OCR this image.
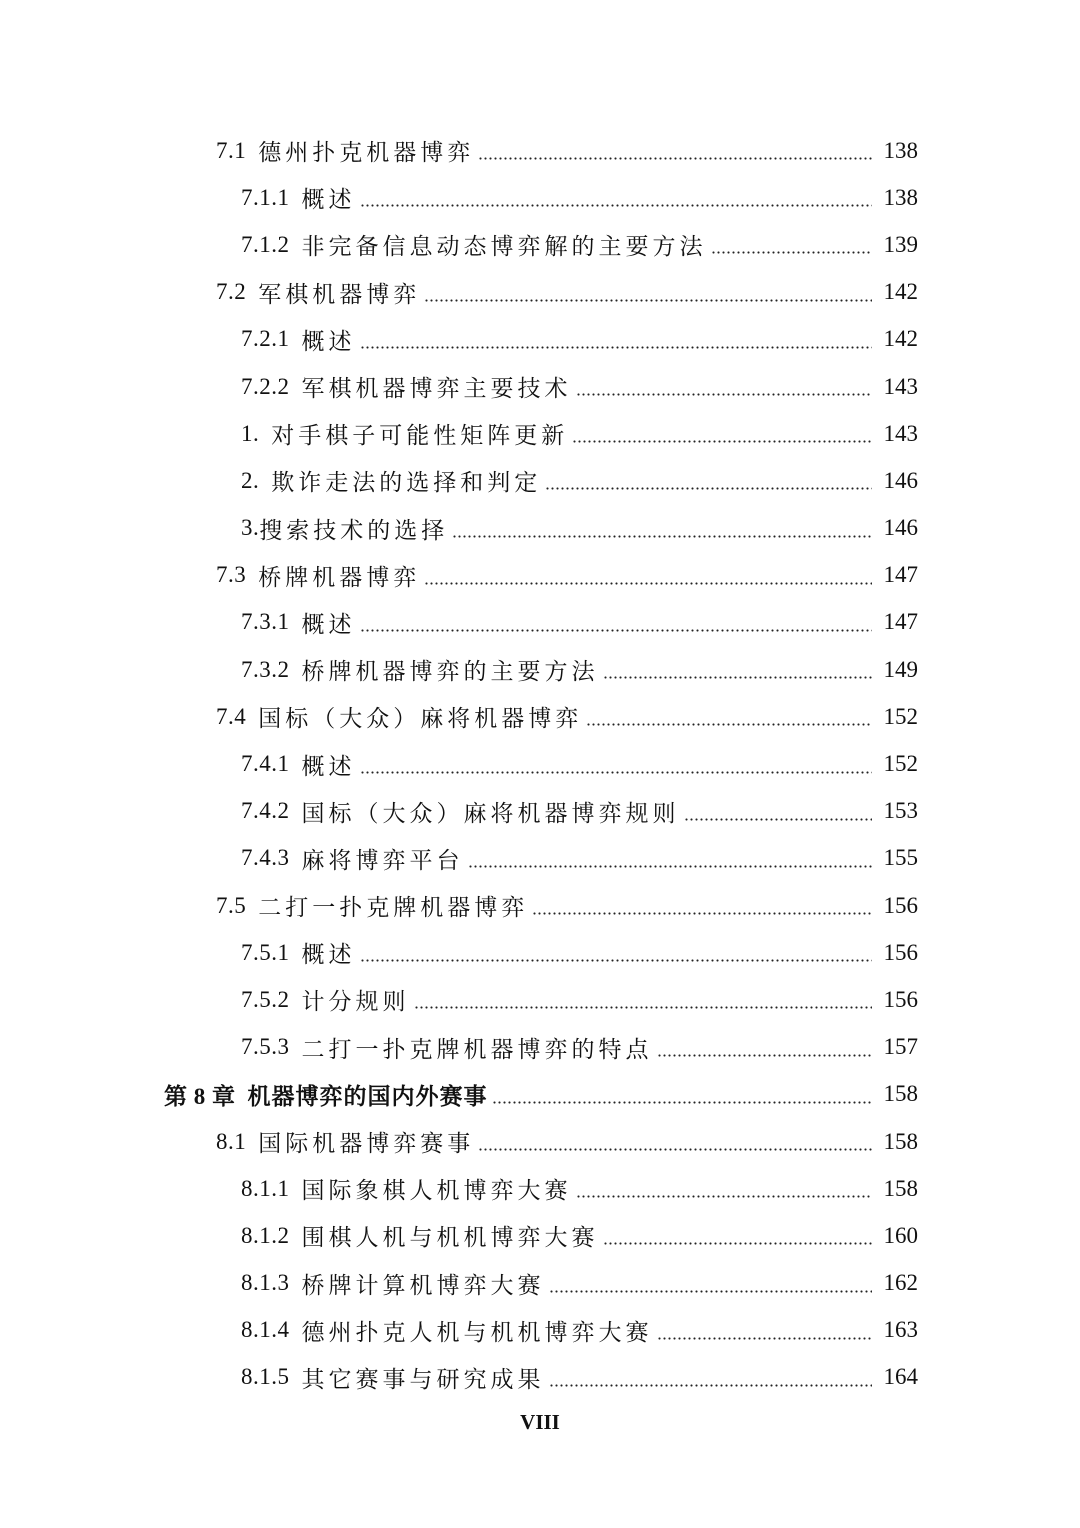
7.1 德州扑克机器博弈	138
7.1.1 概述	138
7.1.2 非完备信息动态博弈解的主要方法	139
7.2 军棋机器博弈	142
7.2.1 概述	142
7.2.2 军棋机器博弈主要技术	143
1. 对手棋子可能性矩阵更新	143
2. 欺诈走法的选择和判定	146
3. 搜索技术的选择	146
7.3 桥牌机器博弈	147
7.3.1 概述	147
7.3.2 桥牌机器博弈的主要方法	149
7.4 国标（大众）麻将机器博弈	152
7.4.1 概述	152
7.4.2 国标（大众）麻将机器博弈规则	153
7.4.3 麻将博弈平台	155
7.5 二打一扑克牌机器博弈	156
7.5.1 概述	156
7.5.2 计分规则	156
7.5.3 二打一扑克牌机器博弈的特点	157
第 8 章 机器博弈的国内外赛事	158
8.1 国际机器博弈赛事	158
8.1.1 国际象棋人机博弈大赛	158
8.1.2 围棋人机与机机博弈大赛	160
8.1.3 桥牌计算机博弈大赛	162
8.1.4 德州扑克人机与机机博弈大赛	163
8.1.5 其它赛事与研究成果	164
VIII
